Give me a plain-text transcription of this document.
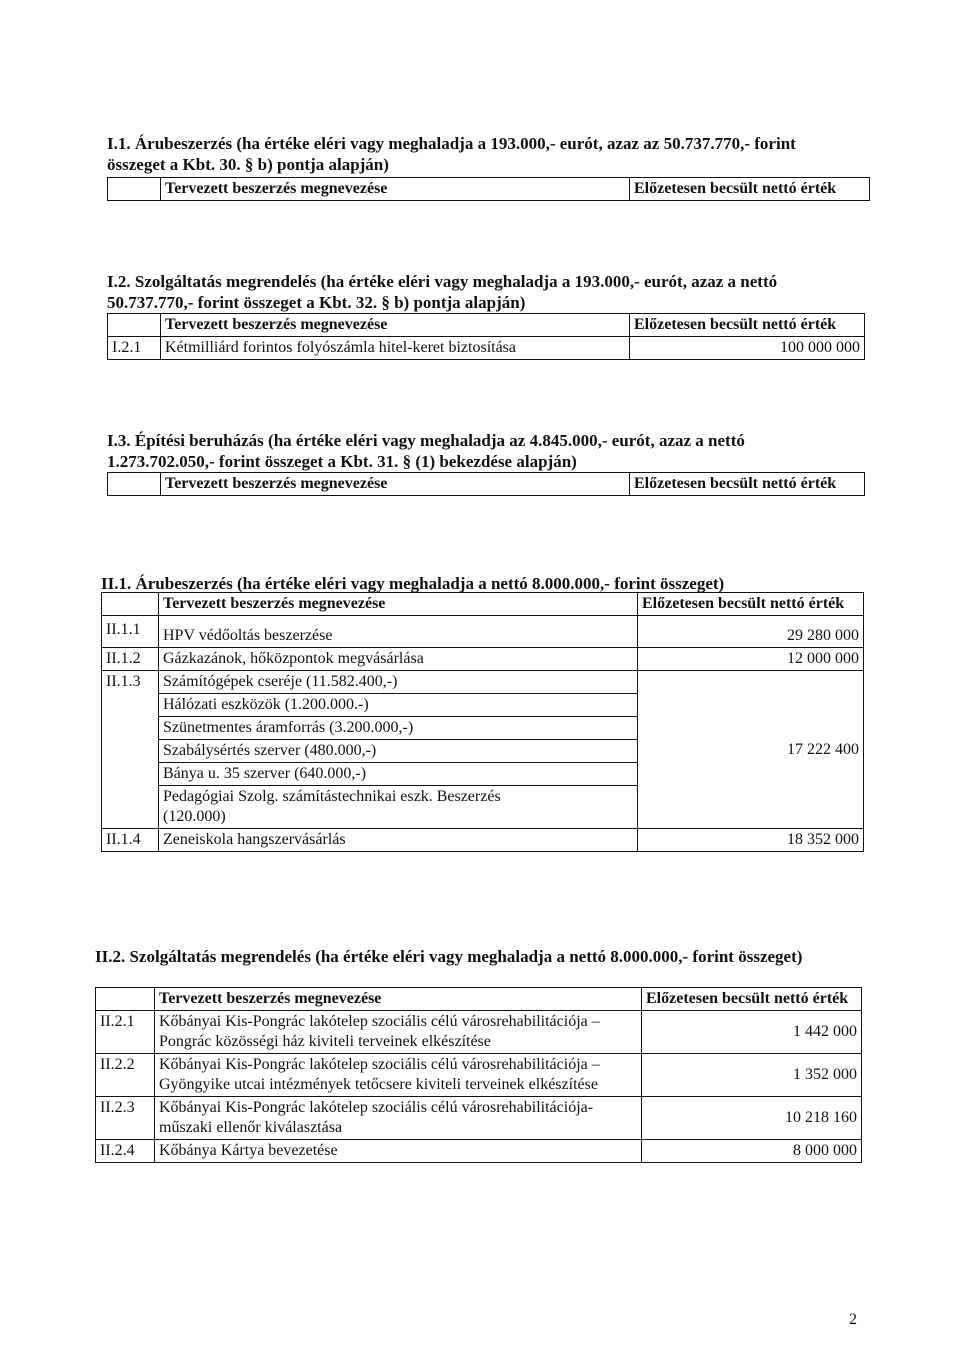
I.1. Árubeszerzés (ha értéke eléri vagy meghaladja a 193.000,- eurót, azaz az 50.737.770,- forint összeget a Kbt. 30. § b) pontja alapján)

	Tervezett beszerzés megnevezése	Előzetesen becsült nettó érték

I.2. Szolgáltatás megrendelés (ha értéke eléri vagy meghaladja a 193.000,- eurót, azaz a nettó 50.737.770,- forint összeget a Kbt. 32. § b) pontja alapján)

	Tervezett beszerzés megnevezése	Előzetesen becsült nettó érték
I.2.1	Kétmilliárd forintos folyószámla hitel-keret biztosítása	100 000 000

I.3. Építési beruházás (ha értéke eléri vagy meghaladja az 4.845.000,- eurót, azaz a nettó 1.273.702.050,- forint összeget a Kbt. 31. § (1) bekezdése alapján)

	Tervezett beszerzés megnevezése	Előzetesen becsült nettó érték

II.1. Árubeszerzés (ha értéke eléri vagy meghaladja a nettó 8.000.000,- forint összeget)

	Tervezett beszerzés megnevezése	Előzetesen becsült nettó érték
II.1.1	HPV védőoltás beszerzése	29 280 000
II.1.2	Gázkazánok, hőközpontok megvásárlása	12 000 000
II.1.3	Számítógépek cseréje (11.582.400,-)	17 222 400
	Hálózati eszközök (1.200.000.-)	
	Szünetmentes áramforrás (3.200.000,-)	
	Szabálysértés szerver (480.000,-)	
	Bánya u. 35 szerver (640.000,-)	
	Pedagógiai Szolg. számítástechnikai eszk. Beszerzés (120.000)	
II.1.4	Zeneiskola hangszervásárlás	18 352 000

II.2. Szolgáltatás megrendelés (ha értéke eléri vagy meghaladja a nettó 8.000.000,- forint összeget)

	Tervezett beszerzés megnevezése	Előzetesen becsült nettó érték
II.2.1	Kőbányai Kis-Pongrác lakótelep szociális célú városrehabilitációja – Pongrác közösségi ház kiviteli terveinek elkészítése	1 442 000
II.2.2	Kőbányai Kis-Pongrác lakótelep szociális célú városrehabilitációja – Gyöngyike utcai intézmények tetőcsere kiviteli terveinek elkészítése	1 352 000
II.2.3	Kőbányai Kis-Pongrác lakótelep szociális célú városrehabilitációja- műszaki ellenőr kiválasztása	10 218 160
II.2.4	Kőbánya Kártya bevezetése	8 000 000
2
